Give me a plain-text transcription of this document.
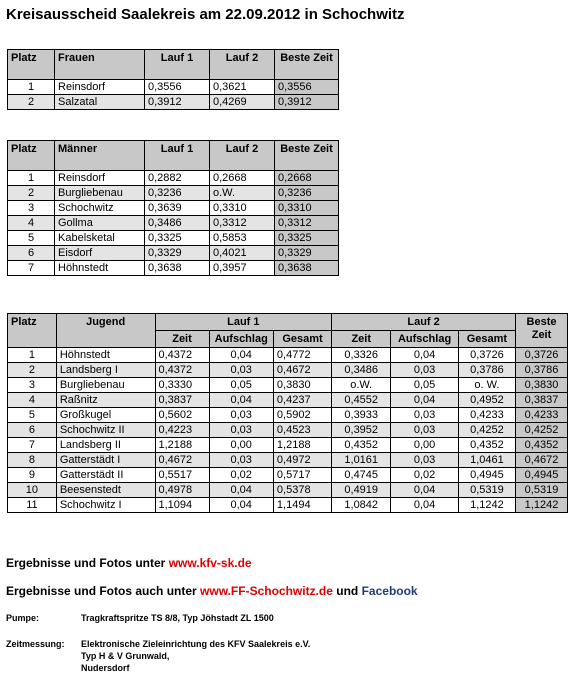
Kreisausscheid Saalekreis am 22.09.2012 in Schochwitz
Platz	Frauen	Lauf 1	Lauf 2	Beste Zeit
1	Reinsdorf	0,3556	0,3621	0,3556
2	Salzatal	0,3912	0,4269	0,3912
Platz	Männer	Lauf 1	Lauf 2	Beste Zeit
1	Reinsdorf	0,2882	0,2668	0,2668
2	Burgliebenau	0,3236	o.W.	0,3236
3	Schochwitz	0,3639	0,3310	0,3310
4	Gollma	0,3486	0,3312	0,3312
5	Kabelsketal	0,3325	0,5853	0,3325
6	Eisdorf	0,3329	0,4021	0,3329
7	Höhnstedt	0,3638	0,3957	0,3638
Platz	Jugend	Lauf 1			Lauf 2			Beste Zeit
		Zeit	Aufschlag	Gesamt	Zeit	Aufschlag	Gesamt	
1	Höhnstedt	0,4372	0,04	0,4772	0,3326	0,04	0,3726	0,3726
2	Landsberg I	0,4372	0,03	0,4672	0,3486	0,03	0,3786	0,3786
3	Burgliebenau	0,3330	0,05	0,3830	o.W.	0,05	o. W.	0,3830
4	Raßnitz	0,3837	0,04	0,4237	0,4552	0,04	0,4952	0,3837
5	Großkugel	0,5602	0,03	0,5902	0,3933	0,03	0,4233	0,4233
6	Schochwitz II	0,4223	0,03	0,4523	0,3952	0,03	0,4252	0,4252
7	Landsberg II	1,2188	0,00	1,2188	0,4352	0,00	0,4352	0,4352
8	Gatterstädt I	0,4672	0,03	0,4972	1,0161	0,03	1,0461	0,4672
9	Gatterstädt II	0,5517	0,02	0,5717	0,4745	0,02	0,4945	0,4945
10	Beesenstedt	0,4978	0,04	0,5378	0,4919	0,04	0,5319	0,5319
11	Schochwitz I	1,1094	0,04	1,1494	1,0842	0,04	1,1242	1,1242
Ergebnisse und Fotos unter www.kfv-sk.de
Ergebnisse und Fotos auch unter www.FF-Schochwitz.de und Facebook
Pumpe:	Tragkraftspritze TS 8/8, Typ Jöhstadt ZL 1500
Zeitmessung: Elektronische Zieleinrichtung des KFV Saalekreis e.V.
Typ H & V Grunwald,
Nudersdorf
